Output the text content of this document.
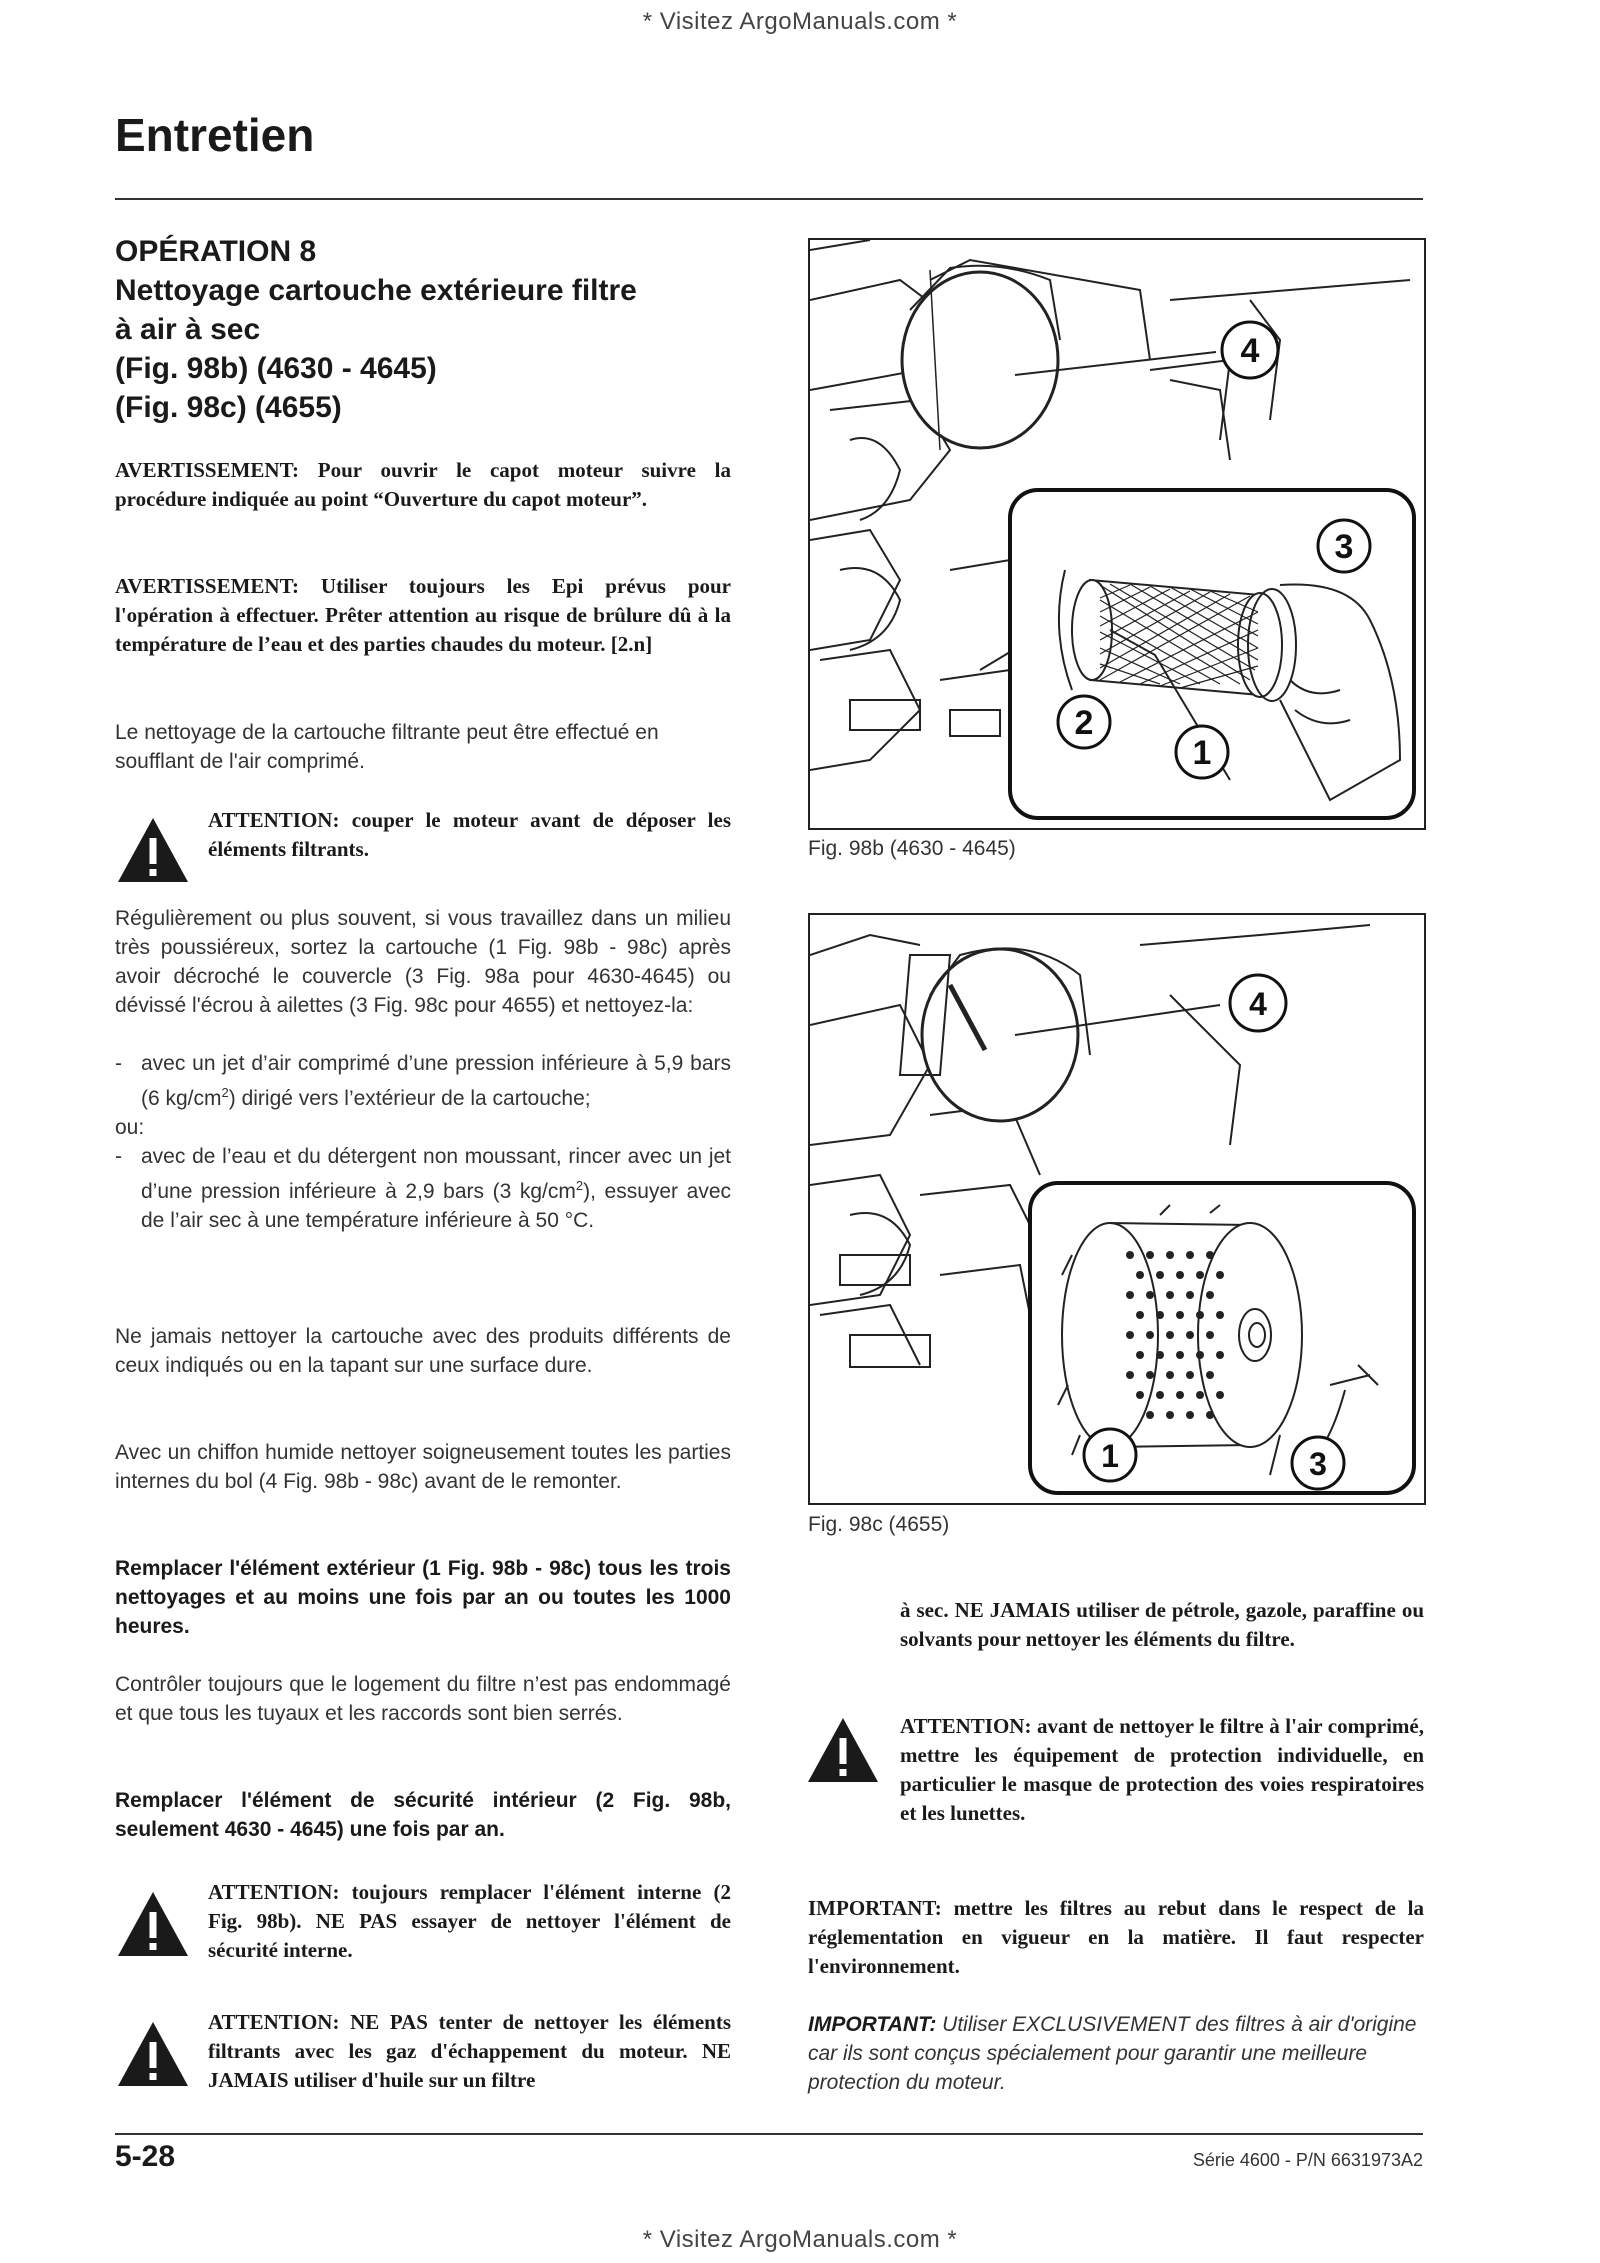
* Visitez ArgoManuals.com *
Entretien
OPÉRATION 8
Nettoyage cartouche extérieure filtre
à air à sec
(Fig. 98b) (4630 - 4645)
(Fig. 98c) (4655)
AVERTISSEMENT: Pour ouvrir le capot moteur suivre la procédure indiquée au point “Ouverture du capot moteur”.
AVERTISSEMENT: Utiliser toujours les Epi prévus pour l'opération à effectuer. Prêter attention au risque de brûlure dû à la température de l’eau et des parties chaudes du moteur. [2.n]
Le nettoyage de la cartouche filtrante peut être effectué en soufflant de l'air comprimé.
ATTENTION: couper le moteur avant de déposer les éléments filtrants.
Régulièrement ou plus souvent, si vous travaillez dans un milieu très poussiéreux, sortez la cartouche (1 Fig. 98b - 98c) après avoir décroché le couvercle (3 Fig. 98a pour 4630-4645) ou dévissé l'écrou à ailettes (3 Fig. 98c pour 4655) et nettoyez-la:
- avec un jet d’air comprimé d’une pression inférieure à 5,9 bars (6 $kg/cm^2$) dirigé vers l’extérieur de la cartouche;
ou:
- avec de l’eau et du détergent non moussant, rincer avec un jet d’une pression inférieure à 2,9 bars (3 $kg/cm^2$), essuyer avec de l’air sec à une température inférieure à 50 °C.
Ne jamais nettoyer la cartouche avec des produits différents de ceux indiqués ou en la tapant sur une surface dure.
Avec un chiffon humide nettoyer soigneusement toutes les parties internes du bol (4 Fig. 98b - 98c) avant de le remonter.
Remplacer l'élément extérieur (1 Fig. 98b - 98c) tous les trois nettoyages et au moins une fois par an ou toutes les 1000 heures.
Contrôler toujours que le logement du filtre n’est pas endommagé et que tous les tuyaux et les raccords sont bien serrés.
Remplacer l'élément de sécurité intérieur (2 Fig. 98b, seulement 4630 - 4645) une fois par an.
ATTENTION: toujours remplacer l'élément interne (2 Fig. 98b). NE PAS essayer de nettoyer l'élément de sécurité interne.
ATTENTION: NE PAS tenter de nettoyer les éléments filtrants avec les gaz d'échappement du moteur. NE JAMAIS utiliser d'huile sur un filtre
4
3
2
1
Fig. 98b (4630 - 4645)
4
1	3
Fig. 98c (4655)
à sec. NE JAMAIS utiliser de pétrole, gazole, paraffine ou solvants pour nettoyer les éléments du filtre.
ATTENTION: avant de nettoyer le filtre à l'air comprimé, mettre les équipement de protection individuelle, en particulier le masque de protection des voies respiratoires et les lunettes.
IMPORTANT: mettre les filtres au rebut dans le respect de la réglementation en vigueur en la matière. Il faut respecter l'environnement.
IMPORTANT: Utiliser EXCLUSIVEMENT des filtres à air d'origine car ils sont conçus spécialement pour garantir une meilleure protection du moteur.
5-28	Série 4600 - P/N 6631973A2
* Visitez ArgoManuals.com *
